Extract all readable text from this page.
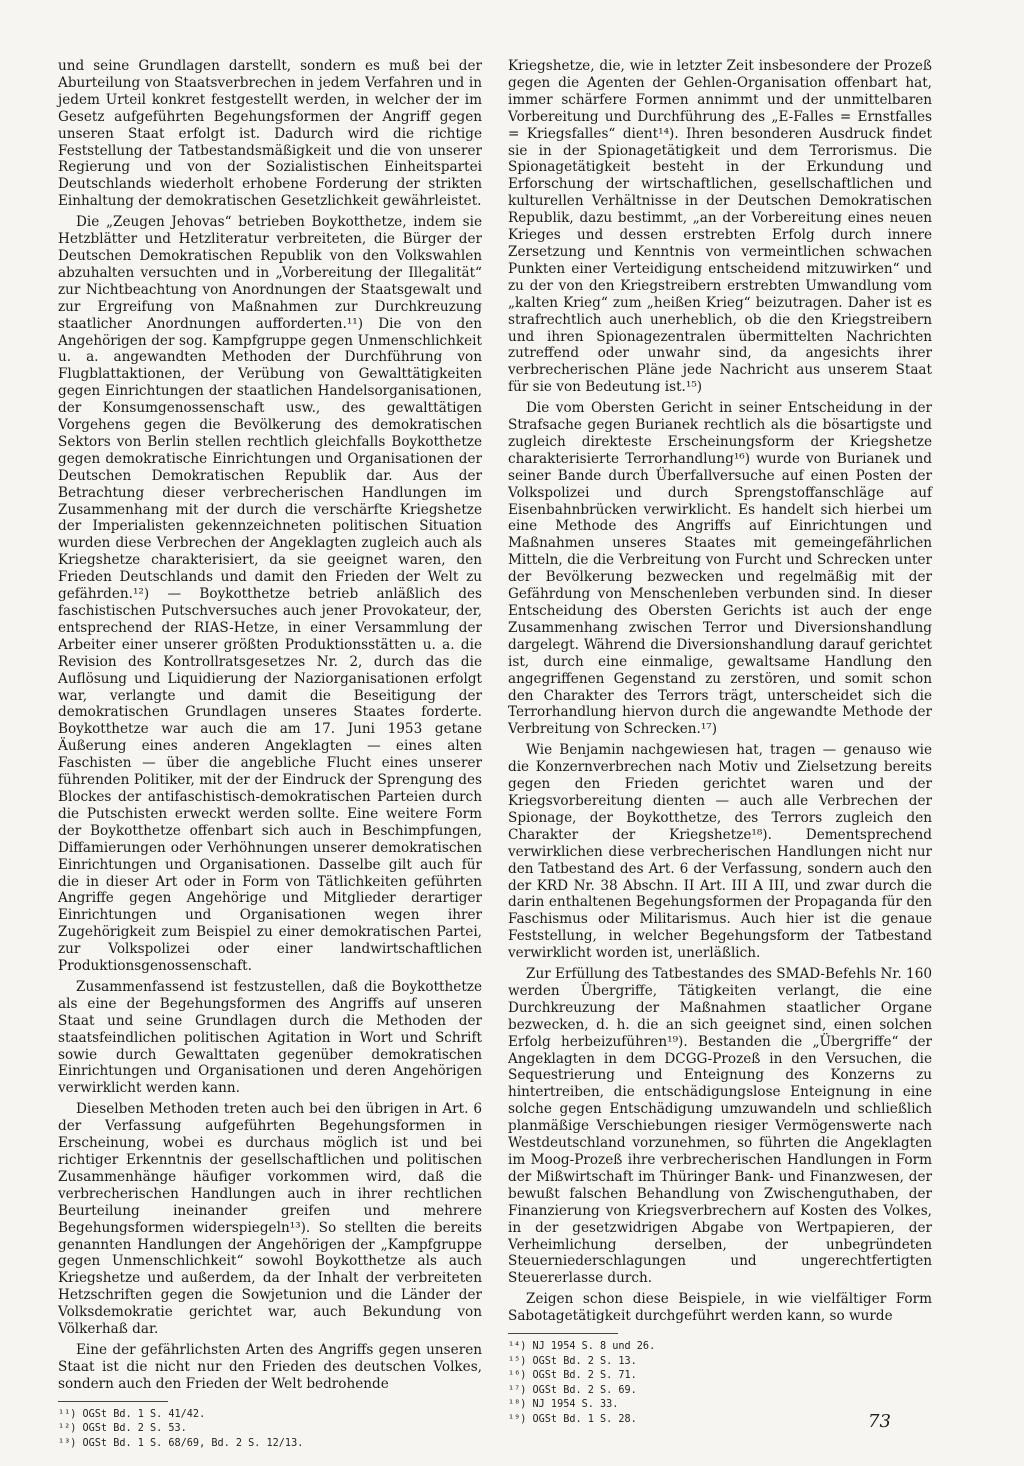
und seine Grundlagen darstellt, sondern es muß bei der Aburteilung von Staatsverbrechen in jedem Verfahren und in jedem Urteil konkret festgestellt werden, in welcher der im Gesetz aufgeführten Begehungsformen der Angriff gegen unseren Staat erfolgt ist. Dadurch wird die richtige Feststellung der Tatbestandsmäßigkeit und die von unserer Regierung und von der Sozialistischen Einheitspartei Deutschlands wiederholt erhobene Forderung der strikten Einhaltung der demokratischen Gesetzlichkeit gewährleistet.

Die „Zeugen Jehovas“ betrieben Boykotthetze, indem sie Hetzblätter und Hetzliteratur verbreiteten, die Bürger der Deutschen Demokratischen Republik von den Volkswahlen abzuhalten versuchten und in „Vorbereitung der Illegalität“ zur Nichtbeachtung von Anordnungen der Staatsgewalt und zur Ergreifung von Maßnahmen zur Durchkreuzung staatlicher Anordnungen aufforderten.¹¹) Die von den Angehörigen der sog. Kampfgruppe gegen Unmenschlichkeit u. a. angewandten Methoden der Durchführung von Flugblattaktionen, der Verübung von Gewalttätigkeiten gegen Einrichtungen der staatlichen Handelsorganisationen, der Konsumgenossenschaft usw., des gewalttätigen Vorgehens gegen die Bevölkerung des demokratischen Sektors von Berlin stellen rechtlich gleichfalls Boykotthetze gegen demokratische Einrichtungen und Organisationen der Deutschen Demokratischen Republik dar. Aus der Betrachtung dieser verbrecherischen Handlungen im Zusammenhang mit der durch die verschärfte Kriegshetze der Imperialisten gekennzeichneten politischen Situation wurden diese Verbrechen der Angeklagten zugleich auch als Kriegshetze charakterisiert, da sie geeignet waren, den Frieden Deutschlands und damit den Frieden der Welt zu gefährden.¹²) — Boykotthetze betrieb anläßlich des faschistischen Putschversuches auch jener Provokateur, der, entsprechend der RIAS-Hetze, in einer Versammlung der Arbeiter einer unserer größten Produktionsstätten u. a. die Revision des Kontrollratsgesetzes Nr. 2, durch das die Auflösung und Liquidierung der Naziorganisationen erfolgt war, verlangte und damit die Beseitigung der demokratischen Grundlagen unseres Staates forderte. Boykotthetze war auch die am 17. Juni 1953 getane Äußerung eines anderen Angeklagten — eines alten Faschisten — über die angebliche Flucht eines unserer führenden Politiker, mit der der Eindruck der Sprengung des Blockes der antifaschistisch-demokratischen Parteien durch die Putschisten erweckt werden sollte. Eine weitere Form der Boykotthetze offenbart sich auch in Beschimpfungen, Diffamierungen oder Verhöhnungen unserer demokratischen Einrichtungen und Organisationen. Dasselbe gilt auch für die in dieser Art oder in Form von Tätlichkeiten geführten Angriffe gegen Angehörige und Mitglieder derartiger Einrichtungen und Organisationen wegen ihrer Zugehörigkeit zum Beispiel zu einer demokratischen Partei, zur Volkspolizei oder einer landwirtschaftlichen Produktionsgenossenschaft.

Zusammenfassend ist festzustellen, daß die Boykotthetze als eine der Begehungsformen des Angriffs auf unseren Staat und seine Grundlagen durch die Methoden der staatsfeindlichen politischen Agitation in Wort und Schrift sowie durch Gewalttaten gegenüber demokratischen Einrichtungen und Organisationen und deren Angehörigen verwirklicht werden kann.

Dieselben Methoden treten auch bei den übrigen in Art. 6 der Verfassung aufgeführten Begehungsformen in Erscheinung, wobei es durchaus möglich ist und bei richtiger Erkenntnis der gesellschaftlichen und politischen Zusammenhänge häufiger vorkommen wird, daß die verbrecherischen Handlungen auch in ihrer rechtlichen Beurteilung ineinander greifen und mehrere Begehungsformen widerspiegeln¹³). So stellten die bereits genannten Handlungen der Angehörigen der „Kampfgruppe gegen Unmenschlichkeit“ sowohl Boykotthetze als auch Kriegshetze und außerdem, da der Inhalt der verbreiteten Hetzschriften gegen die Sowjetunion und die Länder der Volksdemokratie gerichtet war, auch Bekundung von Völkerhaß dar.

Eine der gefährlichsten Arten des Angriffs gegen unseren Staat ist die nicht nur den Frieden des deutschen Volkes, sondern auch den Frieden der Welt bedrohende

¹¹) OGSt Bd. 1 S. 41/42.

¹²) OGSt Bd. 2 S. 53.

¹³) OGSt Bd. 1 S. 68/69, Bd. 2 S. 12/13.

Kriegshetze, die, wie in letzter Zeit insbesondere der Prozeß gegen die Agenten der Gehlen-Organisation offenbart hat, immer schärfere Formen annimmt und der unmittelbaren Vorbereitung und Durchführung des „E-Falles = Ernstfalles = Kriegsfalles“ dient¹⁴). Ihren besonderen Ausdruck findet sie in der Spionagetätigkeit und dem Terrorismus. Die Spionagetätigkeit besteht in der Erkundung und Erforschung der wirtschaftlichen, gesellschaftlichen und kulturellen Verhältnisse in der Deutschen Demokratischen Republik, dazu bestimmt, „an der Vorbereitung eines neuen Krieges und dessen erstrebten Erfolg durch innere Zersetzung und Kenntnis von vermeintlichen schwachen Punkten einer Verteidigung entscheidend mitzuwirken“ und zu der von den Kriegstreibern erstrebten Umwandlung vom „kalten Krieg“ zum „heißen Krieg“ beizutragen. Daher ist es strafrechtlich auch unerheblich, ob die den Kriegstreibern und ihren Spionagezentralen übermittelten Nachrichten zutreffend oder unwahr sind, da angesichts ihrer verbrecherischen Pläne jede Nachricht aus unserem Staat für sie von Bedeutung ist.¹⁵)

Die vom Obersten Gericht in seiner Entscheidung in der Strafsache gegen Burianek rechtlich als die bösartigste und zugleich direkteste Erscheinungsform der Kriegshetze charakterisierte Terrorhandlung¹⁶) wurde von Burianek und seiner Bande durch Überfallversuche auf einen Posten der Volkspolizei und durch Sprengstoffanschläge auf Eisenbahnbrücken verwirklicht. Es handelt sich hierbei um eine Methode des Angriffs auf Einrichtungen und Maßnahmen unseres Staates mit gemeingefährlichen Mitteln, die die Verbreitung von Furcht und Schrecken unter der Bevölkerung bezwecken und regelmäßig mit der Gefährdung von Menschenleben verbunden sind. In dieser Entscheidung des Obersten Gerichts ist auch der enge Zusammenhang zwischen Terror und Diversionshandlung dargelegt. Während die Diversionshandlung darauf gerichtet ist, durch eine einmalige, gewaltsame Handlung den angegriffenen Gegenstand zu zerstören, und somit schon den Charakter des Terrors trägt, unterscheidet sich die Terrorhandlung hiervon durch die angewandte Methode der Verbreitung von Schrecken.¹⁷)

Wie Benjamin nachgewiesen hat, tragen — genauso wie die Konzernverbrechen nach Motiv und Zielsetzung bereits gegen den Frieden gerichtet waren und der Kriegsvorbereitung dienten — auch alle Verbrechen der Spionage, der Boykotthetze, des Terrors zugleich den Charakter der Kriegshetze¹⁸). Dementsprechend verwirklichen diese verbrecherischen Handlungen nicht nur den Tatbestand des Art. 6 der Verfassung, sondern auch den der KRD Nr. 38 Abschn. II Art. III A III, und zwar durch die darin enthaltenen Begehungsformen der Propaganda für den Faschismus oder Militarismus. Auch hier ist die genaue Feststellung, in welcher Begehungsform der Tatbestand verwirklicht worden ist, unerläßlich.

Zur Erfüllung des Tatbestandes des SMAD-Befehls Nr. 160 werden Übergriffe, Tätigkeiten verlangt, die eine Durchkreuzung der Maßnahmen staatlicher Organe bezwecken, d. h. die an sich geeignet sind, einen solchen Erfolg herbeizuführen¹⁹). Bestanden die „Übergriffe“ der Angeklagten in dem DCGG-Prozeß in den Versuchen, die Sequestrierung und Enteignung des Konzerns zu hintertreiben, die entschädigungslose Enteignung in eine solche gegen Entschädigung umzuwandeln und schließlich planmäßige Verschiebungen riesiger Vermögenswerte nach Westdeutschland vorzunehmen, so führten die Angeklagten im Moog-Prozeß ihre verbrecherischen Handlungen in Form der Mißwirtschaft im Thüringer Bank- und Finanzwesen, der bewußt falschen Behandlung von Zwischenguthaben, der Finanzierung von Kriegsverbrechern auf Kosten des Volkes, in der gesetzwidrigen Abgabe von Wertpapieren, der Verheimlichung derselben, der unbegründeten Steuerniederschlagungen und ungerechtfertigten Steuererlasse durch.

Zeigen schon diese Beispiele, in wie vielfältiger Form Sabotagetätigkeit durchgeführt werden kann, so wurde

¹⁴) NJ 1954 S. 8 und 26.

¹⁵) OGSt Bd. 2 S. 13.

¹⁶) OGSt Bd. 2 S. 71.

¹⁷) OGSt Bd. 2 S. 69.

¹⁸) NJ 1954 S. 33.

¹⁹) OGSt Bd. 1 S. 28.	73
